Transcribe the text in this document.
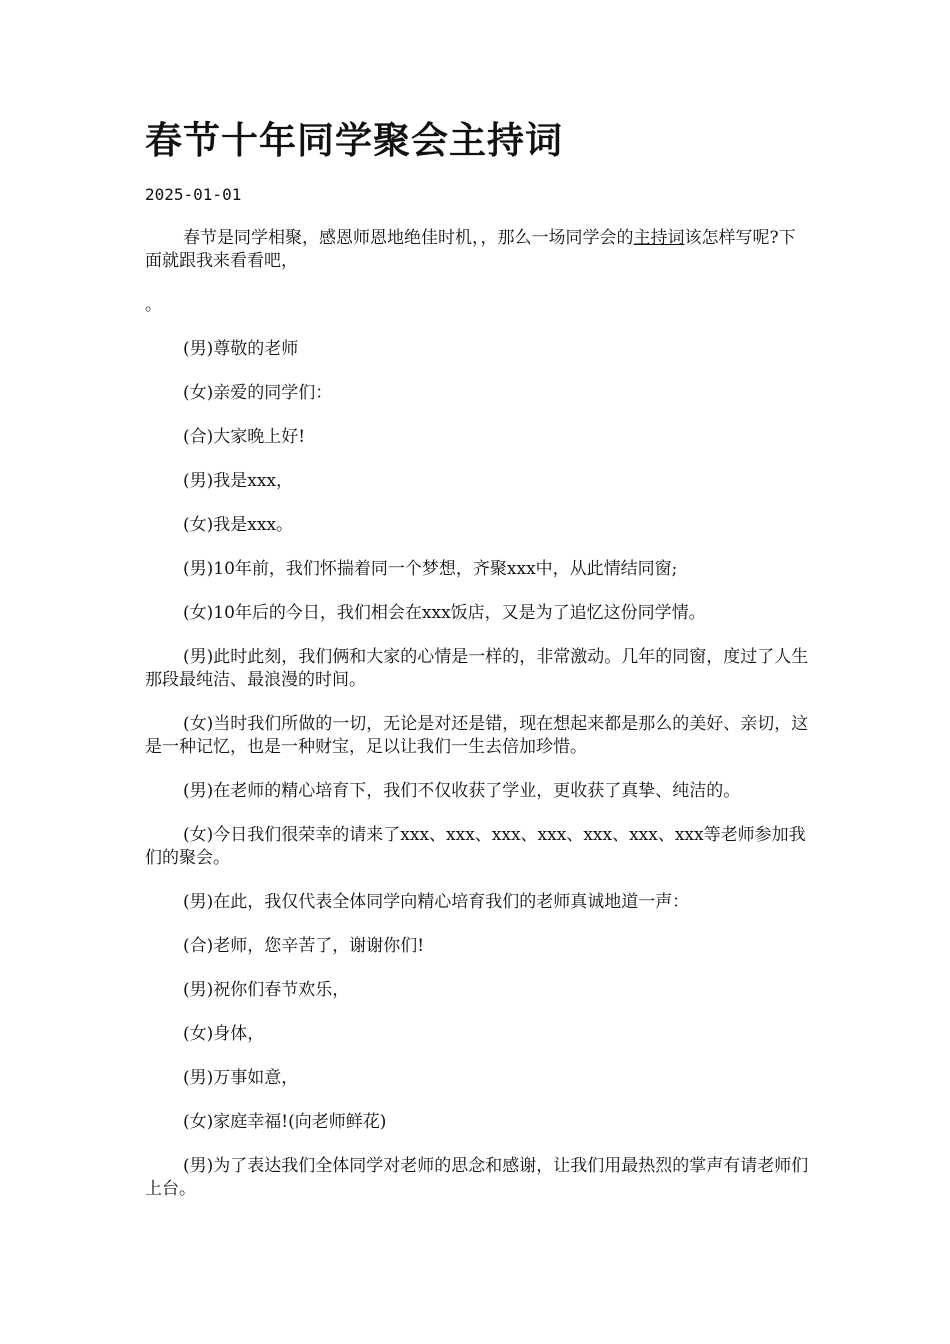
春节十年同学聚会主持词
2025-01-01

春节是同学相聚，感恩师恩地绝佳时机，，那么一场同学会的主持词该怎样写呢?下面就跟我来看看吧，

。

(男)尊敬的老师

(女)亲爱的同学们：

(合)大家晚上好!

(男)我是xxx，

(女)我是xxx。

(男)10年前，我们怀揣着同一个梦想，齐聚xxx中，从此情结同窗;

(女)10年后的今日，我们相会在xxx饭店，又是为了追忆这份同学情。

(男)此时此刻，我们俩和大家的心情是一样的，非常激动。几年的同窗，度过了人生那段最纯洁、最浪漫的时间。

(女)当时我们所做的一切，无论是对还是错，现在想起来都是那么的美好、亲切，这是一种记忆，也是一种财宝，足以让我们一生去倍加珍惜。

(男)在老师的精心培育下，我们不仅收获了学业，更收获了真挚、纯洁的。

(女)今日我们很荣幸的请来了xxx、xxx、xxx、xxx、xxx、xxx、xxx等老师参加我们的聚会。

(男)在此，我仅代表全体同学向精心培育我们的老师真诚地道一声：

(合)老师，您辛苦了，谢谢你们!

(男)祝你们春节欢乐，

(女)身体，

(男)万事如意，

(女)家庭幸福!(向老师鲜花)

(男)为了表达我们全体同学对老师的思念和感谢，让我们用最热烈的掌声有请老师们上台。
